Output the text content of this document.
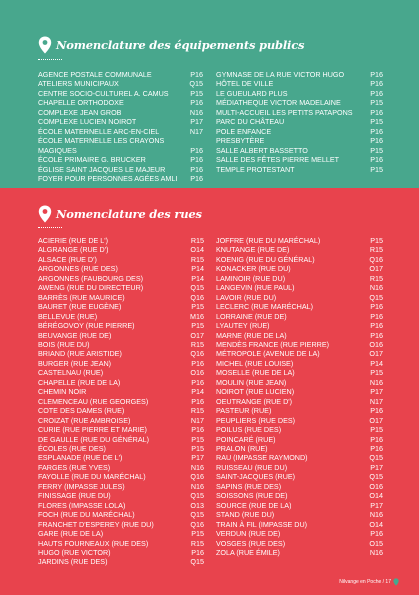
Nomenclature des équipements publics
AGENCE POSTALE COMMUNALE	P16
ATELIERS MUNICIPAUX	Q15
CENTRE SOCIO-CULTUREL A. CAMUS	P15
CHAPELLE ORTHODOXE	P16
COMPLEXE JEAN GROB	N16
COMPLEXE LUCIEN NOIROT	P17
ÉCOLE MATERNELLE ARC-EN-CIEL	N17
ÉCOLE MATERNELLE LES CRAYONS
MAGIQUES	P16
ÉCOLE PRIMAIRE G. BRUCKER	P16
ÉGLISE SAINT JACQUES LE MAJEUR	P16
FOYER POUR PERSONNES AGÉES AMLI	P16
GYMNASE DE LA RUE VICTOR HUGO	P16
HÔTEL DE VILLE	P16
LE GUEULARD PLUS	P16
MÉDIATHEQUE VICTOR MADELAINE	P15
MULTI-ACCUEIL LES PETITS PATAPONS	P16
PARC DU CHÂTEAU	P15
POLE ENFANCE	P16
PRESBYTÈRE	P16
SALLE ALBERT BASSETTO	P15
SALLE DES FÊTES PIERRE MELLET	P16
TEMPLE PROTESTANT	P15
Nomenclature des rues
ACIERIE (RUE DE L')	R15
ALGRANGE (RUE D')	O14
ALSACE (RUE D')	R15
ARGONNES (RUE DES)	P14
ARGONNES (FAUBOURG DES)	P14
AWENG (RUE DU DIRECTEUR)	Q15
BARRÈS (RUE MAURICE)	Q16
BAURET (RUE EUGÈNE)	P15
BELLEVUE (RUE)	M16
BÉRÉGOVOY (RUE PIERRE)	P15
BEUVANGE (RUE DE)	O17
BOIS (RUE DU)	R15
BRIAND (RUE ARISTIDE)	Q16
BURGER (RUE JEAN)	P16
CASTELNAU (RUE)	O16
CHAPELLE (RUE DE LA)	P16
CHEMIN NOIR	P14
CLEMENCEAU (RUE GEORGES)	P16
COTE DES DAMES (RUE)	R15
CROIZAT (RUE AMBROISE)	N17
CURIE (RUE PIERRE ET MARIE)	P16
DE GAULLE (RUE DU GÉNÉRAL)	P15
ÉCOLES (RUE DES)	P15
ESPLANADE (RUE DE L')	P17
FARGES (RUE YVES)	N16
FAYOLLE (RUE DU MARÉCHAL)	Q16
FERRY (IMPASSE JULES)	N16
FINISSAGE (RUE DU)	Q15
FLORES (IMPASSE LOLA)	O13
FOCH (RUE DU MARÉCHAL)	Q15
FRANCHET D'ESPEREY (RUE DU)	Q16
GARE (RUE DE LA)	P15
HAUTS FOURNEAUX (RUE DES)	R15
HUGO (RUE VICTOR)	P16
JARDINS (RUE DES)	Q15
JOFFRE (RUE DU MARÉCHAL)	P15
KNUTANGE (RUE DE)	R15
KOENIG (RUE DU GÉNÉRAL)	Q16
KONACKER (RUE DU)	O17
LAMINOIR (RUE DU)	R15
LANGEVIN (RUE PAUL)	N16
LAVOIR (RUE DU)	Q15
LECLERC (RUE MARÉCHAL)	P16
LORRAINE (RUE DE)	P16
LYAUTEY (RUE)	P16
MARNE (RUE DE LA)	P16
MENDÈS FRANCE (RUE PIERRE)	O16
MÉTROPOLE (AVENUE DE LA)	O17
MICHEL (RUE LOUISE)	P14
MOSELLE (RUE DE LA)	P15
MOULIN (RUE JEAN)	N16
NOIROT (RUE LUCIEN)	P17
OEUTRANGE (RUE D')	N17
PASTEUR (RUE)	P16
PEUPLIERS (RUE DES)	O17
POILUS (RUE DES)	P15
POINCARÉ (RUE)	P16
PRALON (RUE)	P16
RAU (IMPASSE RAYMOND)	Q15
RUISSEAU (RUE DU)	P17
SAINT-JACQUES (RUE)	Q15
SAPINS (RUE DES)	O16
SOISSONS (RUE DE)	O14
SOURCE (RUE DE LA)	P17
STAND (RUE DU)	N16
TRAIN À FIL (IMPASSE DU)	O14
VERDUN (RUE DE)	P16
VOSGES (RUE DES)	O15
ZOLA (RUE ÉMILE)	N16
Nilvange en Poche / 17
